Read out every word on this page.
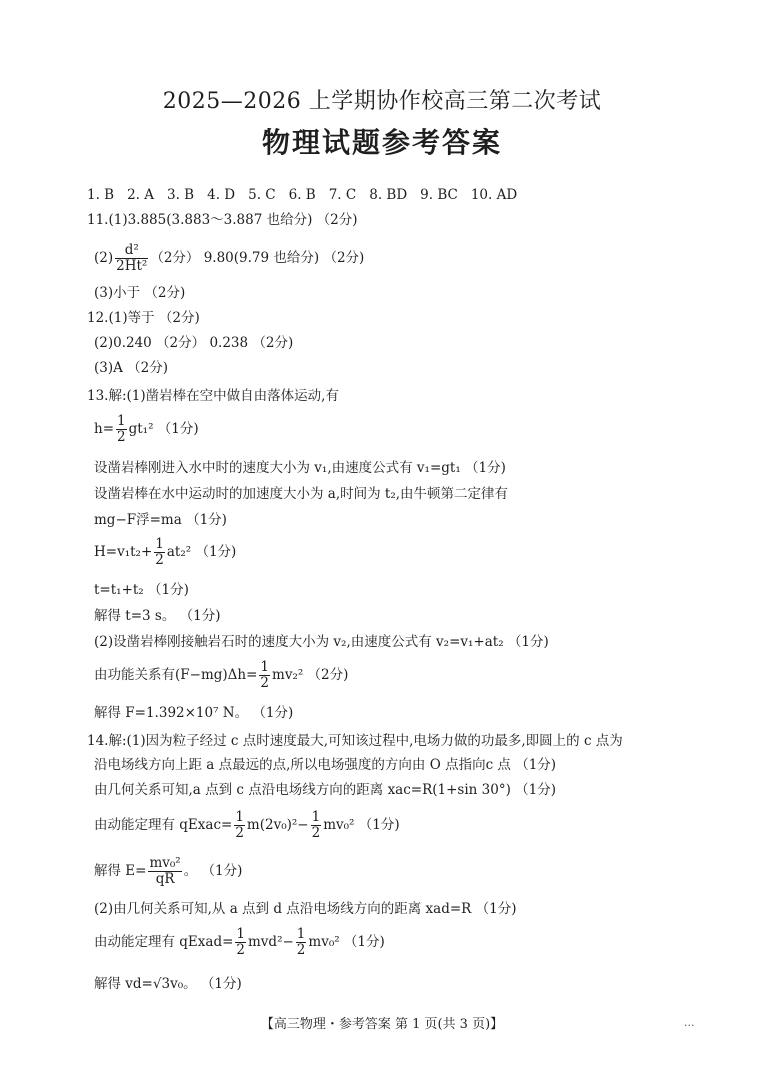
2025—2026 上学期协作校高三第二次考试
物理试题参考答案
1. B 2. A 3. B 4. D 5. C 6. B 7. C 8. BD 9. BC 10. AD
11.(1)3.885(3.883～3.887 也给分) （2分)
$(2) \frac{\text{d²}}{\text{2Ht²}} (2$分） 9.80(9.79 也给分) （2分)
(3)小于 （2分)
12.(1)等于 （2分)
(2)0.240 （2分） 0.238 （2分)
(3)A （2分)
13.解:(1)凿岩棒在空中做自由落体运动,有
$h= \frac{1}{2} gt_1^2$ （1分)
设凿岩棒刚进入水中时的速度大小为 v₁,由速度公式有 v₁=gt₁ （1分)
设凿岩棒在水中运动时的加速度大小为 a,时间为 t₂,由牛顿第二定律有
mg−F浮=ma （1分)
$H=v_1t_2+ \frac{1}{2} at_2^2$ （1分)
t=t₁+t₂ （1分)
解得 t=3 s。 （1分)
(2)设凿岩棒刚接触岩石时的速度大小为 v₂,由速度公式有 v₂=v₁+at₂ （1分)
由功能关系有$(F-mg)\Delta h= \frac{1}{2} mv_2^2$ （2分)
解得 F=1.392×10⁷ N。 （1分)
14.解:(1)因为粒子经过 c 点时速度最大,可知该过程中,电场力做的功最多,即圆上的 c 点为
沿电场线方向上距 a 点最远的点,所以电场强度的方向由 O 点指向c 点 （1分)
由几何关系可知,a 点到 c 点沿电场线方向的距离 xac=R(1+sin 30°) （1分)
由动能定理有 qExac= $\frac{1}{2} m(2v_0)^2- \frac{1}{2} mv_0^2$ （1分)
解得 $E= \frac{\text{mv₀²}}{qR}$ 。 （1分)
(2)由几何关系可知,从 a 点到 d 点沿电场线方向的距离 xad=R （1分)
由动能定理有 qExad= $\frac{1}{2} mvd^2- \frac{1}{2} mv_0^2$ （1分)
解得 vd=√3v₀。 （1分)
【高三物理・参考答案 第 1 页(共 3 页)】	...
